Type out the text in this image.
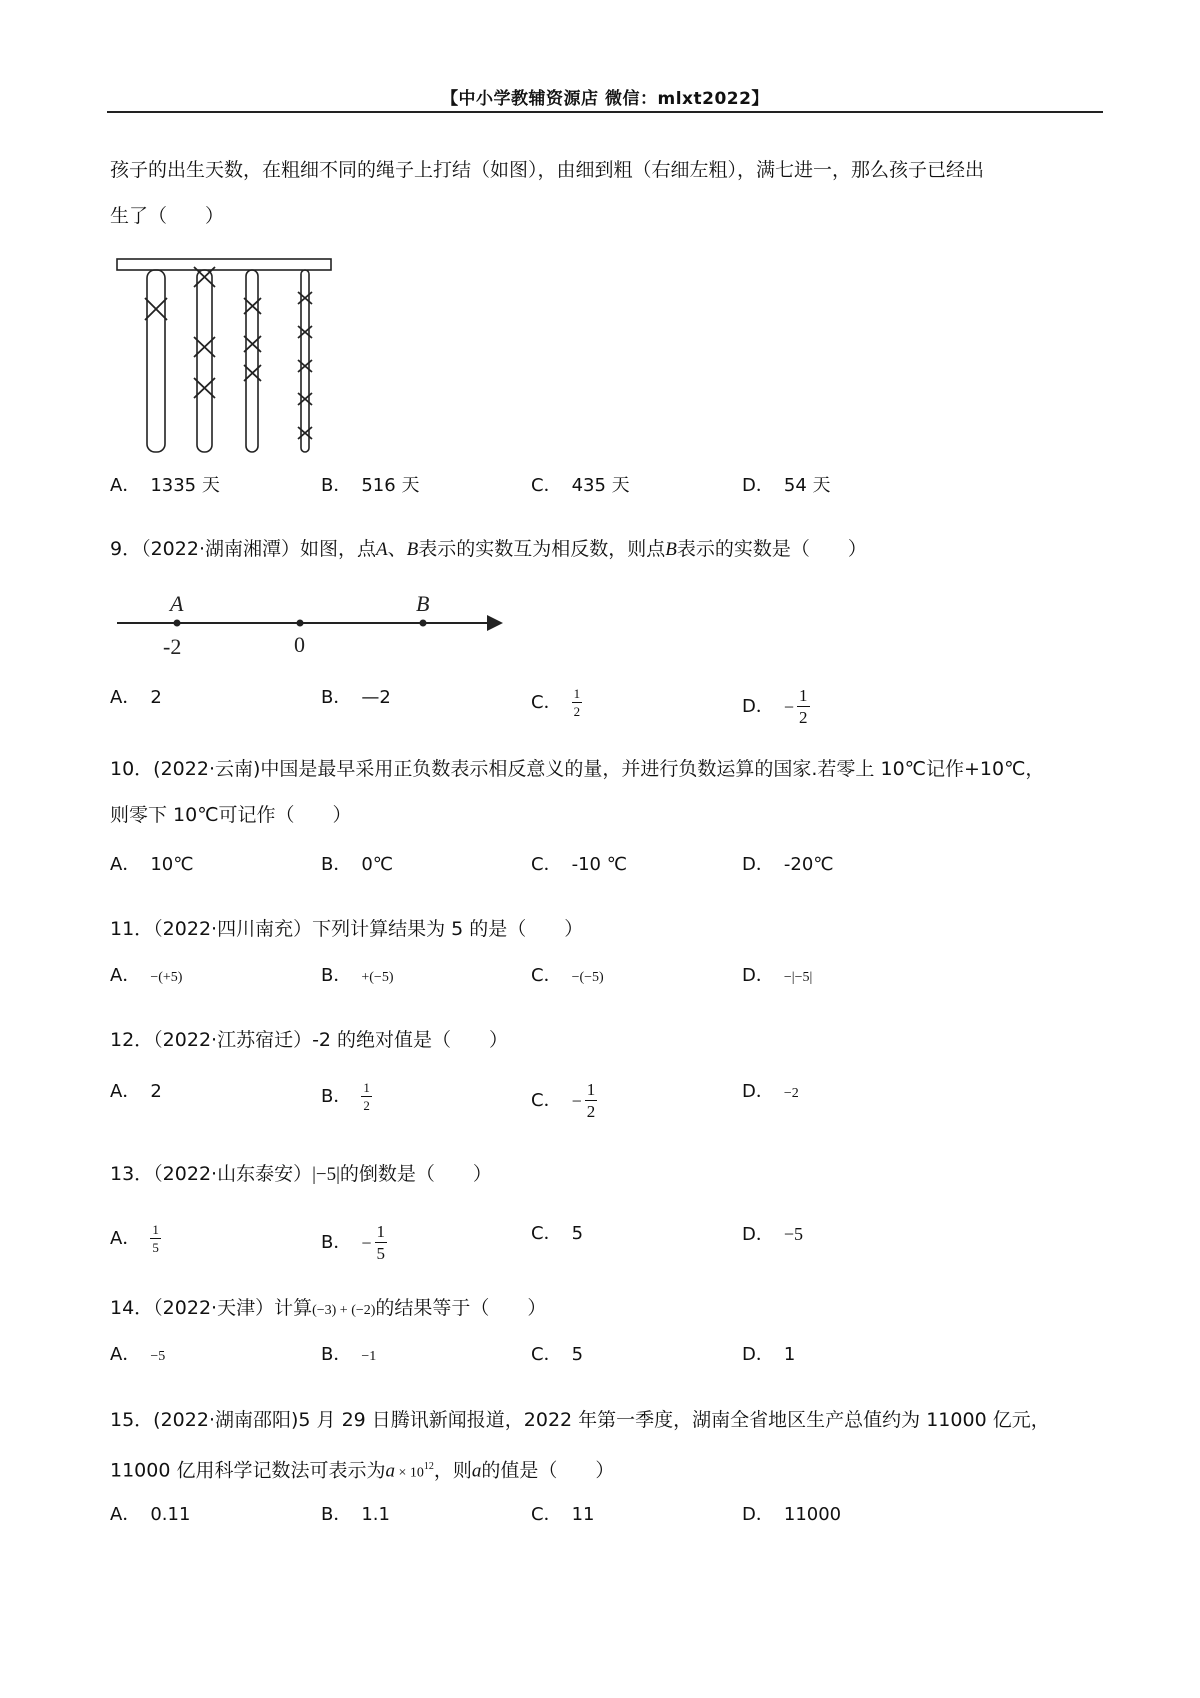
【中小学教辅资源店 微信：mlxt2022】
孩子的出生天数，在粗细不同的绳子上打结（如图），由细到粗（右细左粗），满七进一，那么孩子已经出
生了（　　）
A． 1335 天	B． 516 天	C． 435 天	D． 54 天
9．（2022·湖南湘潭）如图，点A、B表示的实数互为相反数，则点B表示的实数是（　　）
A	B
-2	0
A． 2	B． —2	C． $\frac{1}{2}$	D． − $\frac{1}{2}$
10．(2022·云南)中国是最早采用正负数表示相反意义的量，并进行负数运算的国家.若零上 10℃记作+10℃，
则零下 10℃可记作（　　）
A． 10℃	B． 0℃	C． -10 ℃	D． -20℃
11．（2022·四川南充）下列计算结果为 5 的是（　　）
A． −(+5)	B． +(−5)	C． −(−5)	D． −|−5|
12．（2022·江苏宿迁）-2 的绝对值是（　　）
A． 2	B． $\frac{1}{2}$	C． − $\frac{1}{2}$	D． −2
13．（2022·山东泰安）|−5|的倒数是（　　）
A． $\frac{1}{5}$	B． − $\frac{1}{5}$	C． 5	D． −5
14．（2022·天津）计算(−3) + (−2)的结果等于（　　）
A． −5	B． −1	C． 5	D． 1
15．(2022·湖南邵阳)5 月 29 日腾讯新闻报道，2022 年第一季度，湖南全省地区生产总值约为 11000 亿元，
11000 亿用科学记数法可表示为$a \times 10^{12}$，则a的值是（　　）
A． 0.11	B． 1.1	C． 11	D． 11000
